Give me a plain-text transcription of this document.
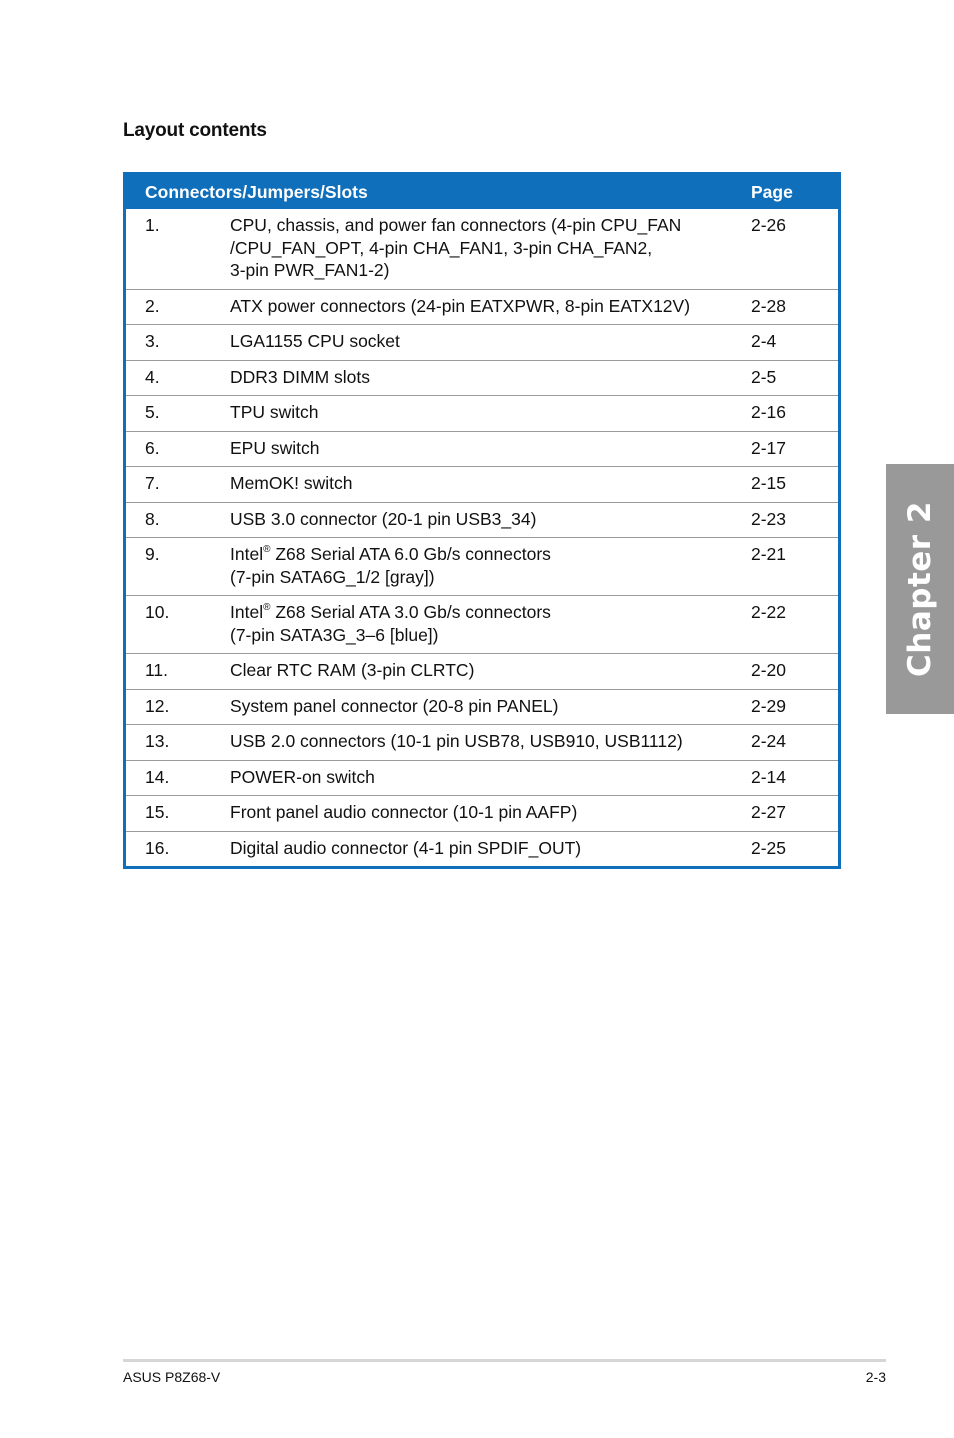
Layout contents
Connectors/Jumpers/Slots		Page
1.	CPU, chassis, and power fan connectors (4-pin CPU_FAN
/CPU_FAN_OPT, 4-pin CHA_FAN1, 3-pin CHA_FAN2,
3-pin PWR_FAN1-2)	2-26
2.	ATX power connectors (24-pin EATXPWR, 8-pin EATX12V)	2-28
3.	LGA1155 CPU socket	2-4
4.	DDR3 DIMM slots	2-5
5.	TPU switch	2-16
6.	EPU switch	2-17
7.	MemOK! switch	2-15
8.	USB 3.0 connector (20-1 pin USB3_34)	2-23
9.	Intel® Z68 Serial ATA 6.0 Gb/s connectors
(7-pin SATA6G_1/2 [gray])	2-21
10.	Intel® Z68 Serial ATA 3.0 Gb/s connectors
(7-pin SATA3G_3–6 [blue])	2-22
11.	Clear RTC RAM (3-pin CLRTC)	2-20
12.	System panel connector (20-8 pin PANEL)	2-29
13.	USB 2.0 connectors (10-1 pin USB78, USB910, USB1112)	2-24
14.	POWER-on switch	2-14
15.	Front panel audio connector (10-1 pin AAFP)	2-27
16.	Digital audio connector (4-1 pin SPDIF_OUT)	2-25
Chapter 2
ASUS P8Z68-V	2-3
